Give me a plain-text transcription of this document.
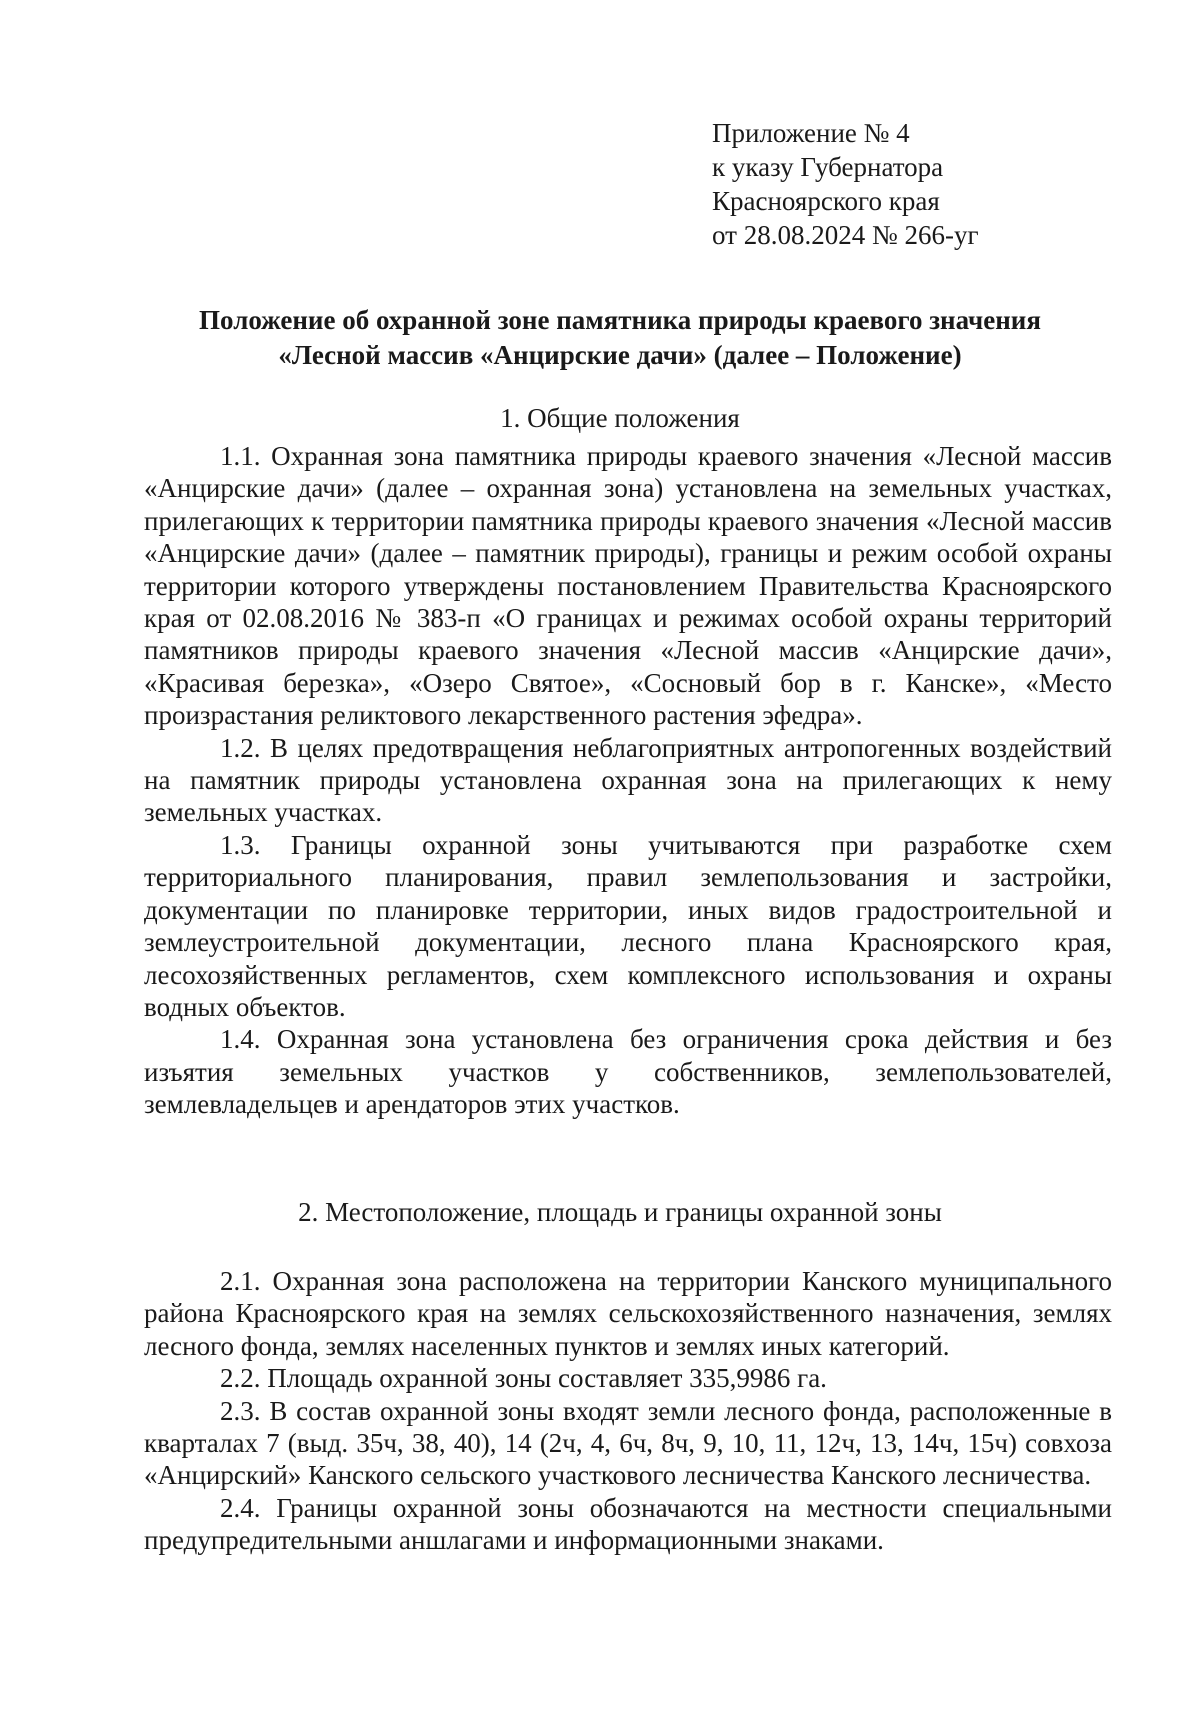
Приложение № 4
к указу Губернатора
Красноярского края
от 28.08.2024 № 266-уг
Положение об охранной зоне памятника природы краевого значения
«Лесной массив «Анцирские дачи» (далее – Положение)
1. Общие положения

1.1. Охранная зона памятника природы краевого значения «Лесной массив «Анцирские дачи» (далее – охранная зона) установлена на земельных участках, прилегающих к территории памятника природы краевого значения «Лесной массив «Анцирские дачи» (далее – памятник природы), границы и режим особой охраны территории которого утверждены постановлением Правительства Красноярского края от 02.08.2016 № 383-п «О границах и режимах особой охраны территорий памятников природы краевого значения «Лесной массив «Анцирские дачи», «Красивая березка», «Озеро Святое», «Сосновый бор в г. Канске», «Место произрастания реликтового лекарственного растения эфедра».

1.2. В целях предотвращения неблагоприятных антропогенных воздействий на памятник природы установлена охранная зона на прилегающих к нему земельных участках.

1.3. Границы охранной зоны учитываются при разработке схем территориального планирования, правил землепользования и застройки, документации по планировке территории, иных видов градостроительной и землеустроительной документации, лесного плана Красноярского края, лесохозяйственных регламентов, схем комплексного использования и охраны водных объектов.

1.4. Охранная зона установлена без ограничения срока действия и без изъятия земельных участков у собственников, землепользователей, землевладельцев и арендаторов этих участков.

2. Местоположение, площадь и границы охранной зоны

2.1. Охранная зона расположена на территории Канского муниципального района Красноярского края на землях сельскохозяйственного назначения, землях лесного фонда, землях населенных пунктов и землях иных категорий.

2.2. Площадь охранной зоны составляет 335,9986 га.

2.3. В состав охранной зоны входят земли лесного фонда, расположенные в кварталах 7 (выд. 35ч, 38, 40), 14 (2ч, 4, 6ч, 8ч, 9, 10, 11, 12ч, 13, 14ч, 15ч) совхоза «Анцирский» Канского сельского участкового лесничества Канского лесничества.

2.4. Границы охранной зоны обозначаются на местности специальными предупредительными аншлагами и информационными знаками.
